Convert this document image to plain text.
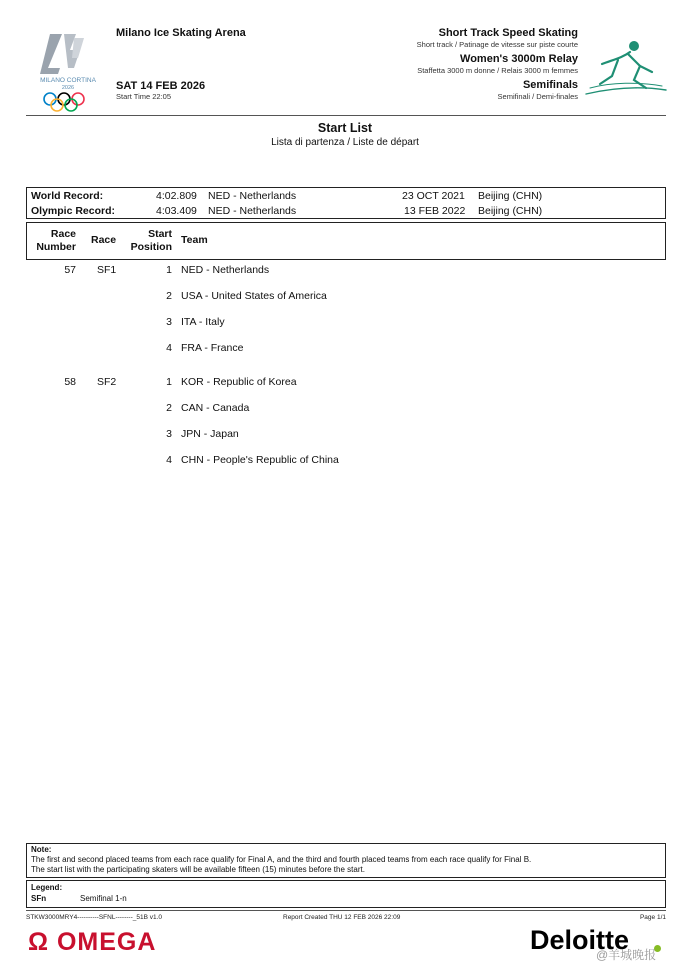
MILANO CORTINA
2026
Milano Ice Skating Arena
SAT 14 FEB 2026
Start Time 22:05
Short Track Speed Skating
Short track / Patinage de vitesse sur piste courte
Women's 3000m Relay
Staffetta 3000 m donne / Relais 3000 m femmes
Semifinals
Semifinali / Demi-finales
Start List
Lista di partenza / Liste de départ
World Record:	4:02.809 NED - Netherlands	23 OCT 2021 Beijing (CHN)
Olympic Record:	4:03.409 NED - Netherlands	13 FEB 2022 Beijing (CHN)
Race
Number
Race	Start
Position
Team
57 SF1	1 NED - Netherlands
2 USA - United States of America
3 ITA - Italy
4 FRA - France
58 SF2	1 KOR - Republic of Korea
2 CAN - Canada
3 JPN - Japan
4 CHN - People's Republic of China
Note:
The first and second placed teams from each race qualify for Final A, and the third and fourth placed teams from each race qualify for Final B.
The start list with the participating skaters will be available fifteen (15) minutes before the start.
Legend:
SFn	Semifinal 1-n
STKW3000MRY4----------SFNL--------_51B v1.0	Report Created THU 12 FEB 2026 22:09	Page 1/1
Ω OMEGA	Deloitte
@羊城晚报
